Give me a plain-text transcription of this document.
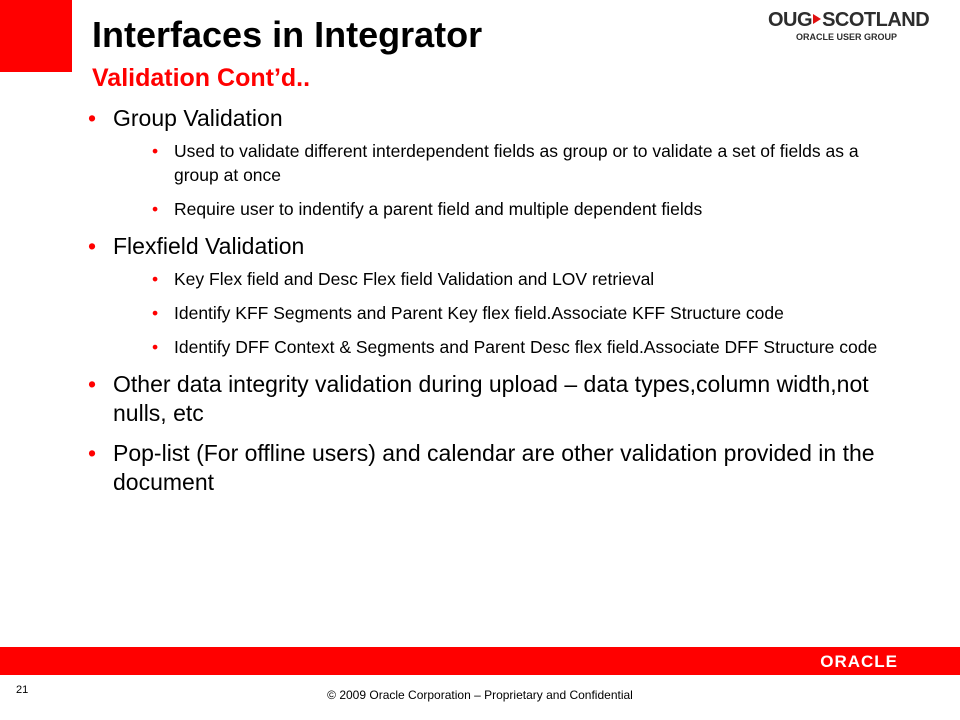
Interfaces in Integrator
Validation Cont’d..
OUG SCOTLAND
ORACLE USER GROUP
• Group Validation
• Used to validate different interdependent fields as group or to validate a set of fields as a group at once
• Require user to indentify a parent field and multiple dependent fields
• Flexfield Validation
• Key Flex field and Desc Flex field Validation and LOV retrieval
• Identify KFF Segments and Parent Key flex field.Associate KFF Structure code
• Identify DFF Context & Segments and Parent Desc flex field.Associate DFF Structure code
• Other data integrity validation during upload – data types,column width,not nulls, etc
• Pop-list (For offline users) and calendar are other validation provided in the document
ORACLE
21	© 2009 Oracle Corporation – Proprietary and Confidential
